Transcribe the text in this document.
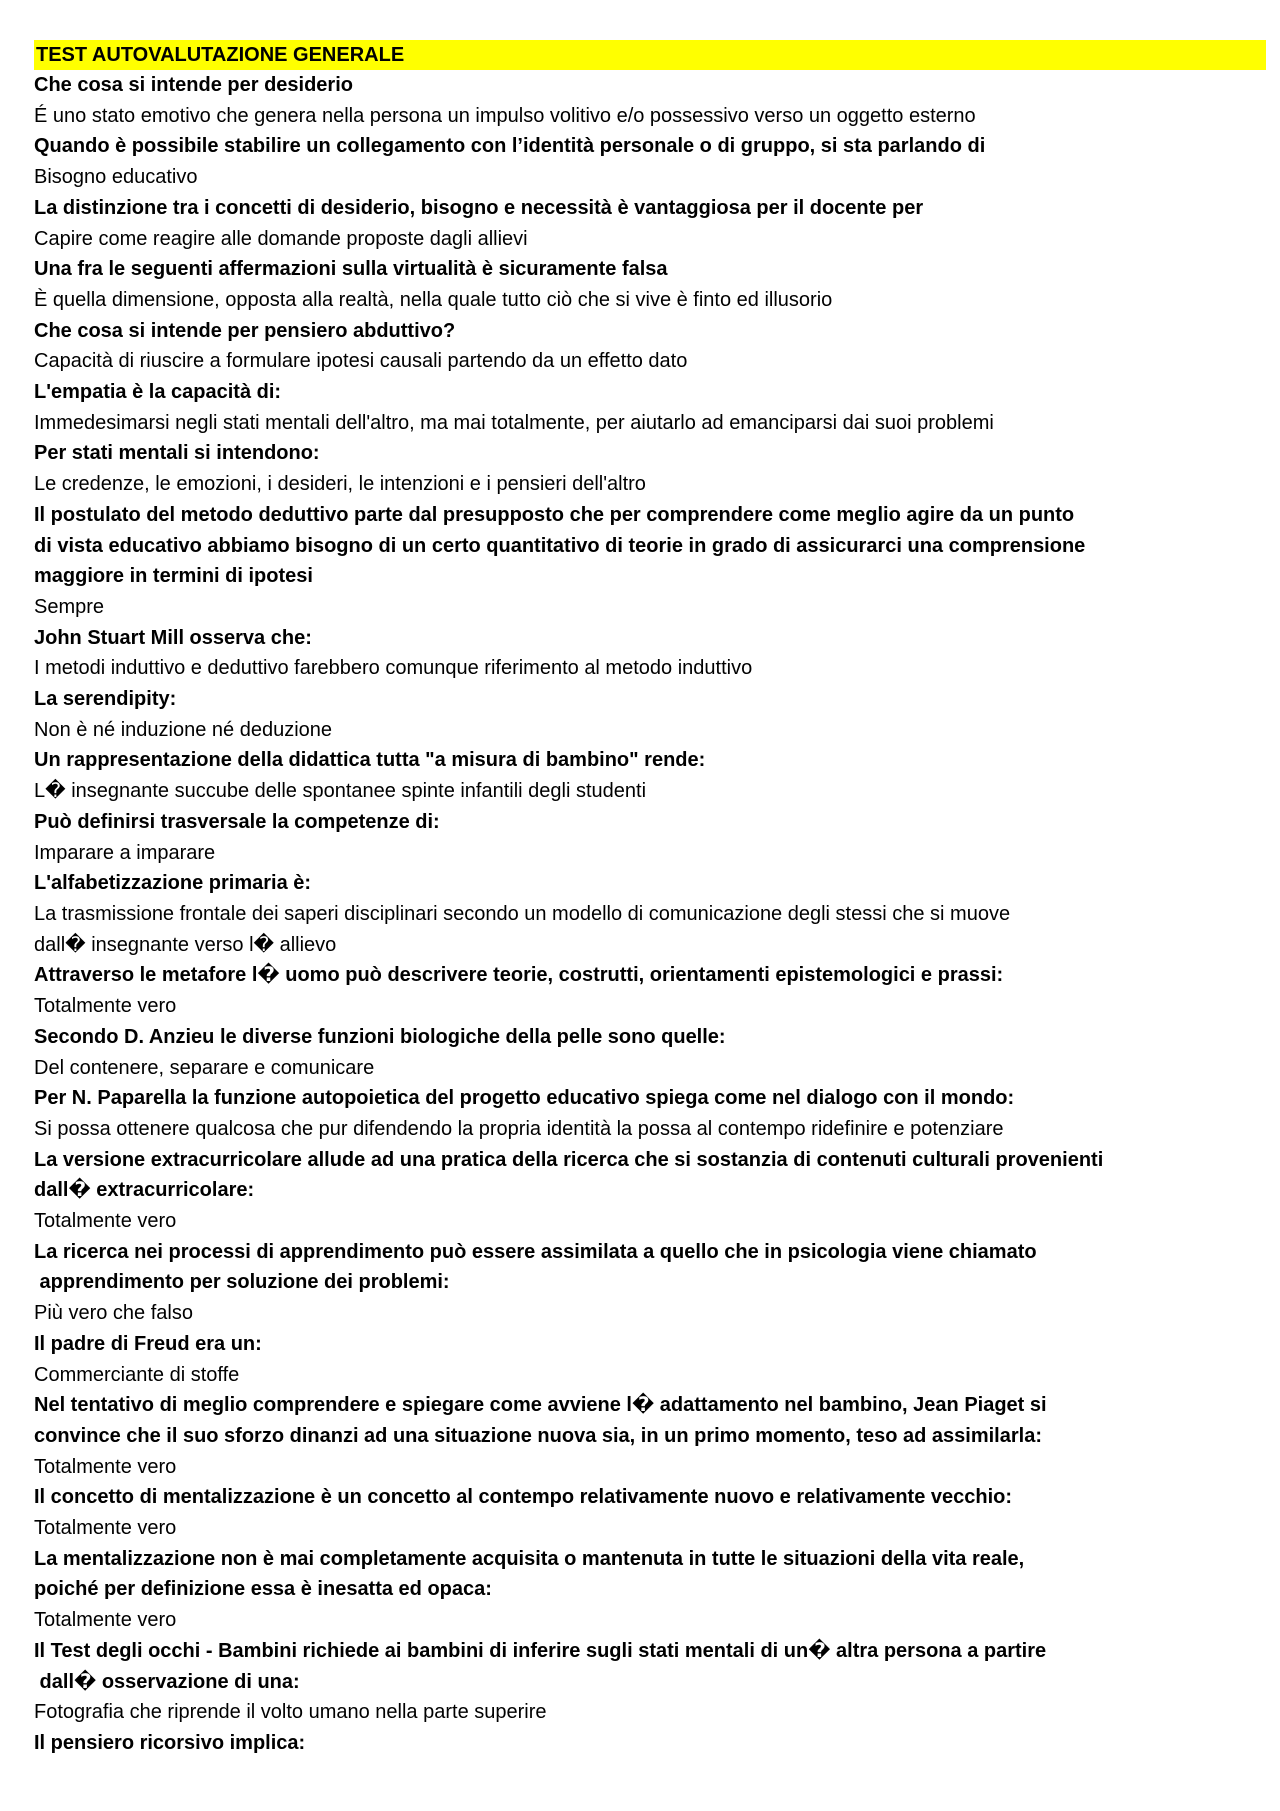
TEST AUTOVALUTAZIONE GENERALE
Che cosa si intende per desiderio
É uno stato emotivo che genera nella persona un impulso volitivo e/o possessivo verso un oggetto esterno
Quando è possibile stabilire un collegamento con l’identità personale o di gruppo, si sta parlando di
Bisogno educativo
La distinzione tra i concetti di desiderio, bisogno e necessità è vantaggiosa per il docente per
Capire come reagire alle domande proposte dagli allievi
Una fra le seguenti affermazioni sulla virtualità è sicuramente falsa
È quella dimensione, opposta alla realtà, nella quale tutto ciò che si vive è finto ed illusorio
Che cosa si intende per pensiero abduttivo?
Capacità di riuscire a formulare ipotesi causali partendo da un effetto dato
L'empatia è la capacità di:
Immedesimarsi negli stati mentali dell'altro, ma mai totalmente, per aiutarlo ad emanciparsi dai suoi problemi
Per stati mentali si intendono:
Le credenze, le emozioni, i desideri, le intenzioni e i pensieri dell'altro
Il postulato del metodo deduttivo parte dal presupposto che per comprendere come meglio agire da un punto
di vista educativo abbiamo bisogno di un certo quantitativo di teorie in grado di assicurarci una comprensione
maggiore in termini di ipotesi
Sempre
John Stuart Mill osserva che:
I metodi induttivo e deduttivo farebbero comunque riferimento al metodo induttivo
La serendipity:
Non è né induzione né deduzione
Un rappresentazione della didattica tutta "a misura di bambino" rende:
L� insegnante succube delle spontanee spinte infantili degli studenti
Può definirsi trasversale la competenze di:
Imparare a imparare
L'alfabetizzazione primaria è:
La trasmissione frontale dei saperi disciplinari secondo un modello di comunicazione degli stessi che si muove
dall� insegnante verso l� allievo
Attraverso le metafore l� uomo può descrivere teorie, costrutti, orientamenti epistemologici e prassi:
Totalmente vero
Secondo D. Anzieu le diverse funzioni biologiche della pelle sono quelle:
Del contenere, separare e comunicare
Per N. Paparella la funzione autopoietica del progetto educativo spiega come nel dialogo con il mondo:
Si possa ottenere qualcosa che pur difendendo la propria identità la possa al contempo ridefinire e potenziare
La versione extracurricolare allude ad una pratica della ricerca che si sostanzia di contenuti culturali provenienti
dall� extracurricolare:
Totalmente vero
La ricerca nei processi di apprendimento può essere assimilata a quello che in psicologia viene chiamato
apprendimento per soluzione dei problemi:
Più vero che falso
Il padre di Freud era un:
Commerciante di stoffe
Nel tentativo di meglio comprendere e spiegare come avviene l� adattamento nel bambino, Jean Piaget si
convince che il suo sforzo dinanzi ad una situazione nuova sia, in un primo momento, teso ad assimilarla:
Totalmente vero
Il concetto di mentalizzazione è un concetto al contempo relativamente nuovo e relativamente vecchio:
Totalmente vero
La mentalizzazione non è mai completamente acquisita o mantenuta in tutte le situazioni della vita reale,
poiché per definizione essa è inesatta ed opaca:
Totalmente vero
Il Test degli occhi - Bambini richiede ai bambini di inferire sugli stati mentali di un� altra persona a partire
dall� osservazione di una:
Fotografia che riprende il volto umano nella parte superire
Il pensiero ricorsivo implica:
